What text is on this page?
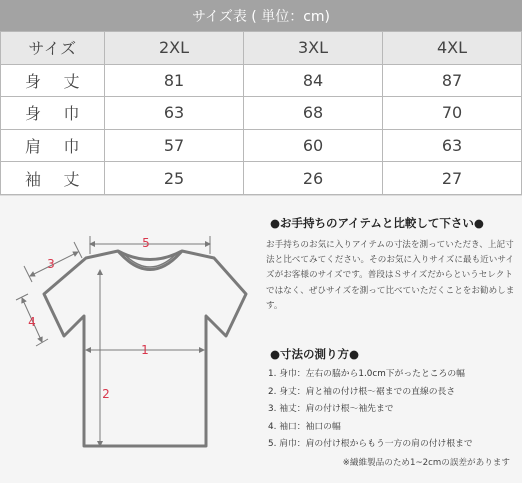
サイズ表 ( 単位：cm)
サイズ	2XL	3XL	4XL
身 丈	81	84	87
身 巾	63	68	70
肩 巾	57	60	63
袖 丈	25	26	27
5
3
4
1
2
●お手持ちのアイテムと比較して下さい●

お手持ちのお気に入りアイテムの寸法を測っていただき、上記寸法と比べてみてください。そのお気に入りサイズに最も近いサイズがお客様のサイズです。普段はＳサイズだからというセレクトではなく、ぜひサイズを測って比べていただくことをお勧めします。

●寸法の測り方●
1. 身巾：左右の脇から1.0cm下がったところの幅
2. 身丈：肩と袖の付け根〜裾までの直線の長さ
3. 袖丈：肩の付け根〜袖先まで
4. 袖口：袖口の幅
5. 肩巾：肩の付け根からもう一方の肩の付け根まで
※繊維製品のため1~2cmの誤差があります
